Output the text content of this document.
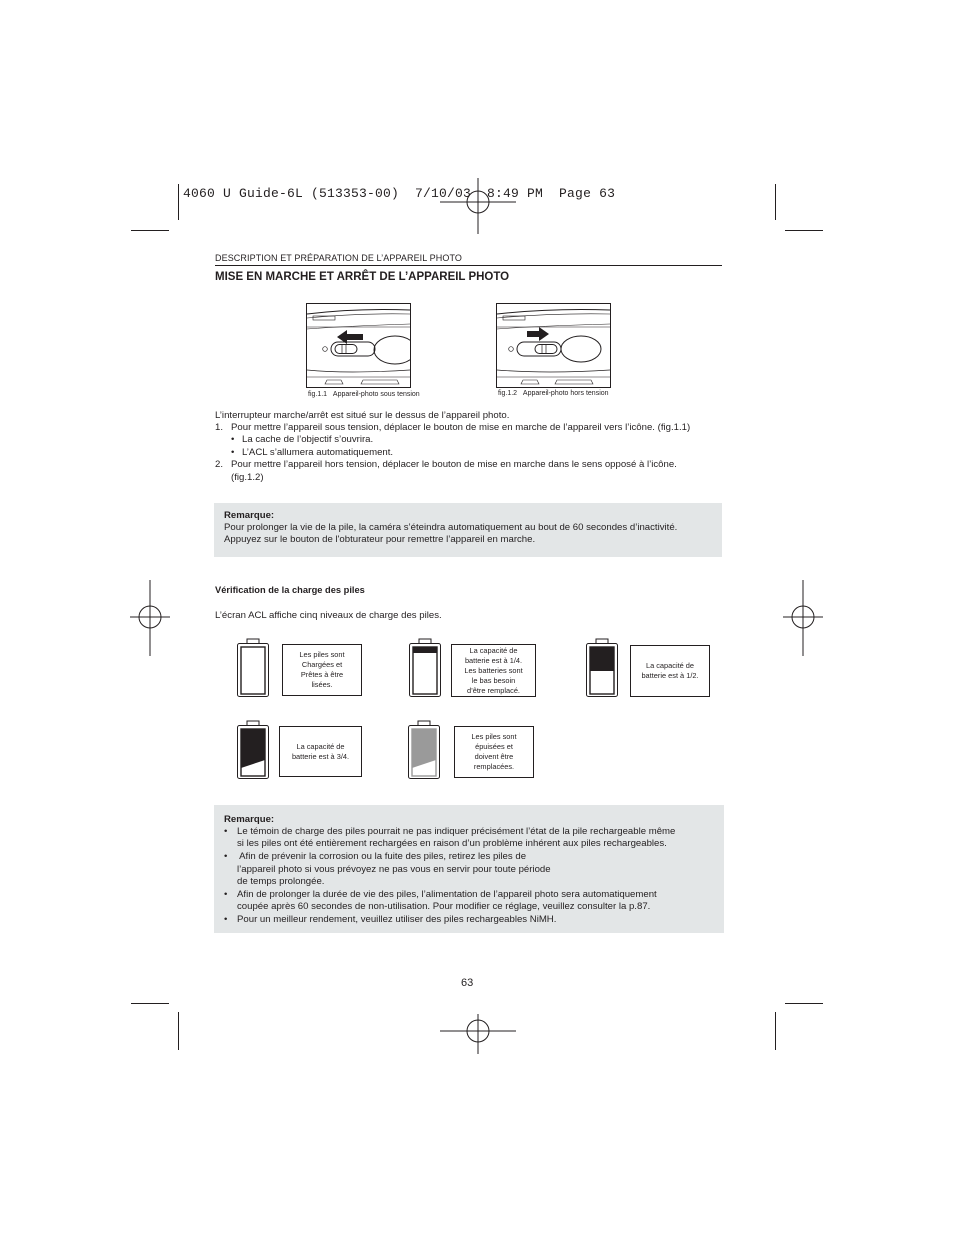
4060 U Guide-6L (513353-00)  7/10/03  8:49 PM  Page 63
DESCRIPTION ET PRÉPARATION DE L’APPAREIL PHOTO
MISE EN MARCHE ET ARRÊT DE L’APPAREIL PHOTO
fig.1.1 Appareil-photo sous tension	fig.1.2 Appareil-photo hors tension
L’interrupteur marche/arrêt est situé sur le dessus de l’appareil photo.
1. Pour mettre l’appareil sous tension, déplacer le bouton de mise en marche de l’appareil vers l’icône. (fig.1.1)
• La cache de l’objectif s’ouvrira.
• L’ACL s’allumera automatiquement.
2. Pour mettre l’appareil hors tension, déplacer le bouton de mise en marche dans le sens opposé à l’icône.
(fig.1.2)
Remarque:
Pour prolonger la vie de la pile, la caméra s’éteindra automatiquement au bout de 60 secondes d’inactivité.
Appuyez sur le bouton de l'obturateur pour remettre l’appareil en marche.
Vérification de la charge des piles
L’écran ACL affiche cinq niveaux de charge des piles.
Les piles sont
Chargées et
Prêtes à être
lisées.
La capacité de
batterie est à 1/4.
Les batteries sont
le bas besoin
d’être remplacé.
La capacité de
batterie est à 1/2.
La capacité de
batterie est à 3/4.
Les piles sont
épuisées et
doivent être
remplacées.
Remarque:
• Le témoin de charge des piles pourrait ne pas indiquer précisément l’état de la pile rechargeable même
si les piles ont été entièrement rechargées en raison d’un problème inhérent aux piles rechargeables.
• Afin de prévenir la corrosion ou la fuite des piles, retirez les piles de
l’appareil photo si vous prévoyez ne pas vous en servir pour toute période
de temps prolongée.
• Afin de prolonger la durée de vie des piles, l’alimentation de l’appareil photo sera automatiquement
coupée après 60 secondes de non-utilisation. Pour modifier ce réglage, veuillez consulter la p.87.
• Pour un meilleur rendement, veuillez utiliser des piles rechargeables NiMH.
63
